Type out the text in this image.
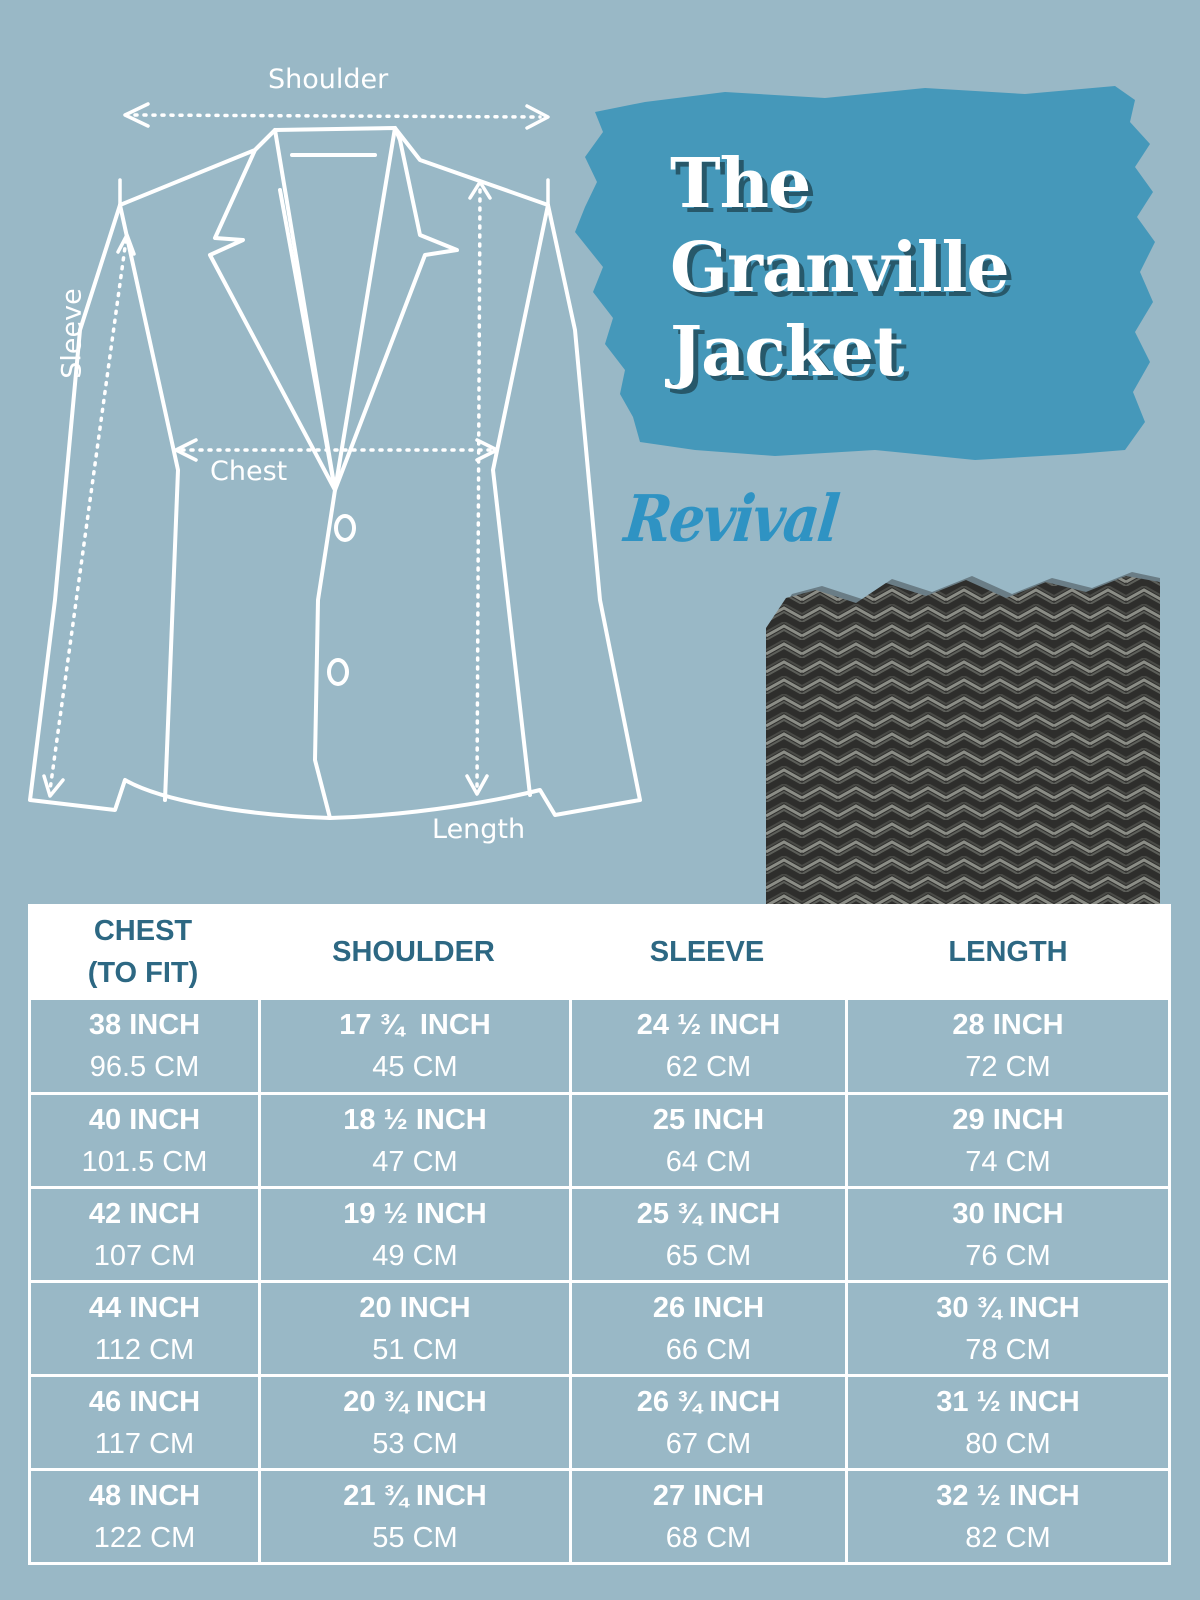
Shoulder
Chest
Sleeve
Length
The
Granville
Jacket
Revival
CHEST
(TO FIT)
SHOULDER	SLEEVE	LENGTH
38 INCH
96.5 CM
17 ¾  INCH
45 CM
24 ½ INCH
62 CM
28 INCH
72 CM
40 INCH
101.5 CM
18 ½ INCH
47 CM
25 INCH
64 CM
29 INCH
74 CM
42 INCH
107 CM
19 ½ INCH
49 CM
25 ¾ INCH
65 CM
30 INCH
76 CM
44 INCH
112 CM
20 INCH
51 CM
26 INCH
66 CM
30 ¾ INCH
78 CM
46 INCH
117 CM
20 ¾ INCH
53 CM
26 ¾ INCH
67 CM
31 ½ INCH
80 CM
48 INCH
122 CM
21 ¾ INCH
55 CM
27 INCH
68 CM
32 ½ INCH
82 CM
